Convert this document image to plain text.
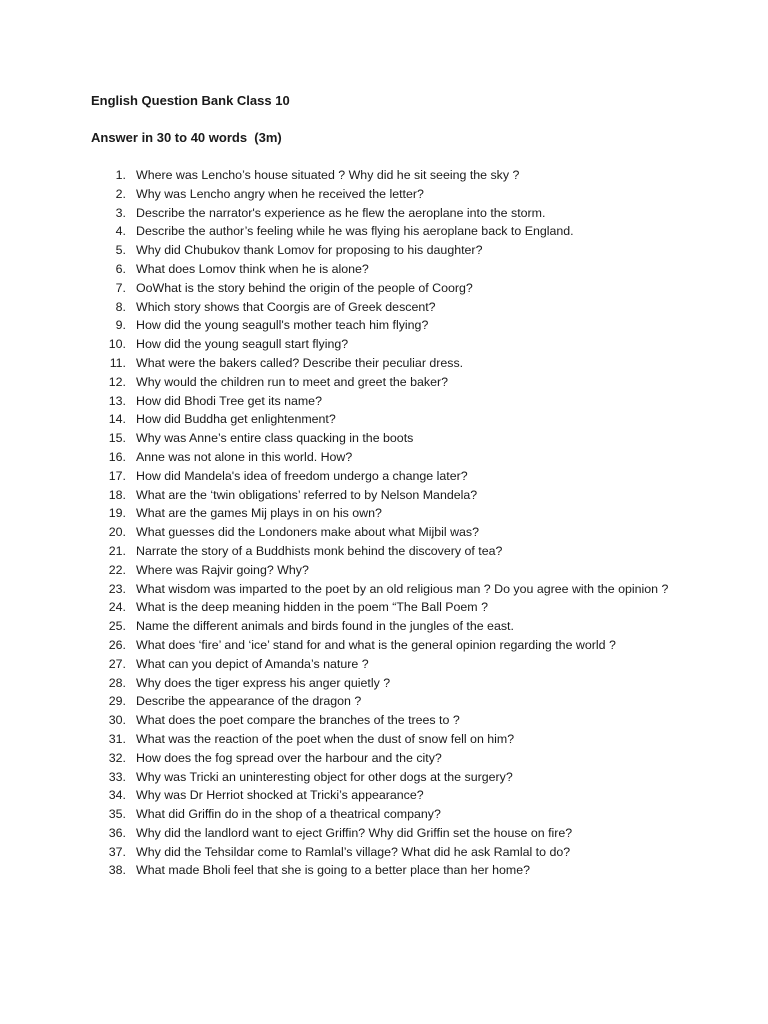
English Question Bank Class 10
Answer in 30 to 40 words  (3m)
1. Where was Lencho’s house situated ? Why did he sit seeing the sky ?
2. Why was Lencho angry when he received the letter?
3. Describe the narrator's experience as he flew the aeroplane into the storm.
4. Describe the author’s feeling while he was flying his aeroplane back to England.
5. Why did Chubukov thank Lomov for proposing to his daughter?
6. What does Lomov think when he is alone?
7. OoWhat is the story behind the origin of the people of Coorg?
8. Which story shows that Coorgis are of Greek descent?
9. How did the young seagull's mother teach him flying?
10. How did the young seagull start flying?
11. What were the bakers called? Describe their peculiar dress.
12. Why would the children run to meet and greet the baker?
13. How did Bhodi Tree get its name?
14. How did Buddha get enlightenment?
15. Why was Anne’s entire class quacking in the boots
16. Anne was not alone in this world. How?
17. How did Mandela's idea of freedom undergo a change later?
18. What are the ‘twin obligations’ referred to by Nelson Mandela?
19. What are the games Mij plays in on his own?
20. What guesses did the Londoners make about what Mijbil was?
21. Narrate the story of a Buddhists monk behind the discovery of tea?
22. Where was Rajvir going? Why?
23. What wisdom was imparted to the poet by an old religious man ? Do you agree with the opinion ?
24. What is the deep meaning hidden in the poem “The Ball Poem ?
25. Name the different animals and birds found in the jungles of the east.
26. What does ‘fire’ and ‘ice’ stand for and what is the general opinion regarding the world ?
27. What can you depict of Amanda’s nature ?
28. Why does the tiger express his anger quietly ?
29. Describe the appearance of the dragon ?
30. What does the poet compare the branches of the trees to ?
31. What was the reaction of the poet when the dust of snow fell on him?
32. How does the fog spread over the harbour and the city?
33. Why was Tricki an uninteresting object for other dogs at the surgery?
34. Why was Dr Herriot shocked at Tricki’s appearance?
35. What did Griffin do in the shop of a theatrical company?
36. Why did the landlord want to eject Griffin? Why did Griffin set the house on fire?
37. Why did the Tehsildar come to Ramlal’s village? What did he ask Ramlal to do?
38. What made Bholi feel that she is going to a better place than her home?
